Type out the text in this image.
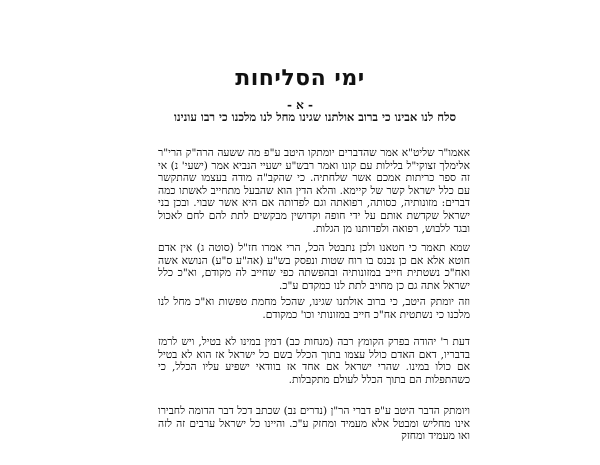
ימי הסליחות
- א -
סלח לנו אבינו כי ברוב אולתנו שגינו מחל לנו מלכנו כי רבו עונינו

אאמו"ר שליט"א אמר שהדברים יומתקו היטב ע"פ מה ששעה הרה"ק הרי"ר אלימלך זצוקי"ל בלילות עם קונו ואמר רבש"ע ישעיי הנביא אמר (ישעי' נ) אי זה ספר כריתות אמכם אשר שלחתיה. כי שהקב"ה מודה בעצמו שהתקשר עם כלל ישראל קשר של קיימא. והלא הדין הוא שהבעל מתחייב לאשתו כמה דברים: מזונותיה, כסותה, רפואתה וגם לפדותה אם היא אשר שבוי. ובכן בני ישראל שקדשת אותם על ידי חופה וקדושין מבקשים לתת להם לחם לאכול ובגד ללבוש, רפואה ולפדותנו מן הגלות.

שמא תאמר כי חטאנו ולכן נתבטל הכל, הרי אמרו חז"ל (סוטה ג) אין אדם חוטא אלא אם כן נכנס בו רוח שטות ונפסק בש"ע (אה"ע ס"ע) הנושא אשה ואח"כ נשטתית חייב במזונותיה ובהפשתה כפי שחייב לה מקודם, וא"כ כלל ישראל אתה גם כן מחויב לתת לנו כמקדם ע"כ.

וזה יומתק היטב, כי ברוב אולתנו שגינו, שהכל מחמת טפשות וא"כ מחל לנו מלכנו כי נשתטית אח"כ חייב במזונותי וכו' כמקודם.

דעת ר' יהודה בפרק הקומץ רבה (מנחות כב) דמין במינו לא בטיל, ויש לרמז בדבריו, דאם האדם כולל עצמו בתוך הכלל בשם כל ישראל אז הוא לא בטיל אם כולו במינו. שהרי ישראל אם אחד אז בוודאי ישפיע עליו הכלל, כי כשהתפלות הם בתוך הכלל לעולם מתקבלות.

ויומתק הדבר היטב ע"פ דברי הר"ן (נדרים נב) שכתב דכל דבר הדומה לחבירו אינו מחליש ומבטל אלא מעמיד ומחזק ע"כ. והיינו כל ישראל ערבים זה לזה ואו מעמיד ומחזק
